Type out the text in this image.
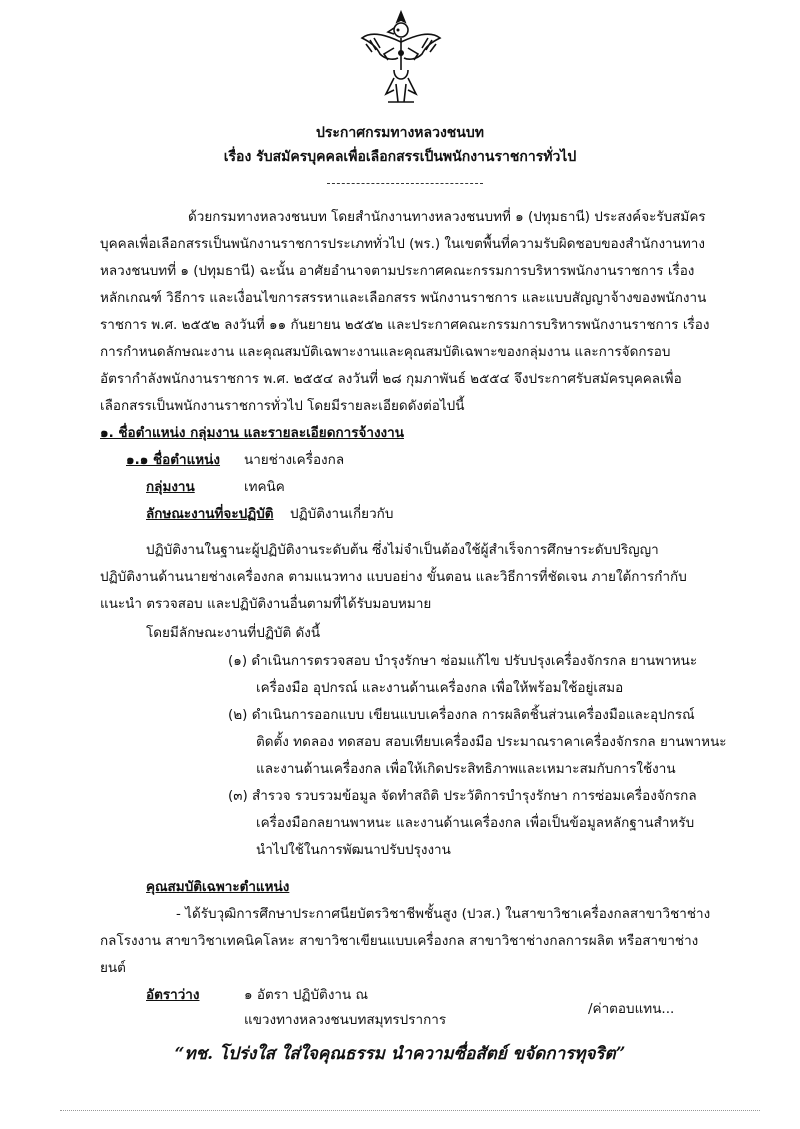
ประกาศกรมทางหลวงชนบท
เรื่อง รับสมัครบุคคลเพื่อเลือกสรรเป็นพนักงานราชการทั่วไป
ด้วยกรมทางหลวงชนบท โดยสำนักงานทางหลวงชนบทที่ ๑ (ปทุมธานี) ประสงค์จะรับสมัคร
บุคคลเพื่อเลือกสรรเป็นพนักงานราชการประเภททั่วไป (พร.) ในเขตพื้นที่ความรับผิดชอบของสำนักงานทาง
หลวงชนบทที่ ๑ (ปทุมธานี) ฉะนั้น อาศัยอำนาจตามประกาศคณะกรรมการบริหารพนักงานราชการ เรื่อง
หลักเกณฑ์ วิธีการ และเงื่อนไขการสรรหาและเลือกสรร พนักงานราชการ และแบบสัญญาจ้างของพนักงาน
ราชการ พ.ศ. ๒๕๕๒ ลงวันที่ ๑๑ กันยายน ๒๕๕๒ และประกาศคณะกรรมการบริหารพนักงานราชการ เรื่อง
การกำหนดลักษณะงาน และคุณสมบัติเฉพาะงานและคุณสมบัติเฉพาะของกลุ่มงาน และการจัดกรอบ
อัตรากำลังพนักงานราชการ พ.ศ. ๒๕๕๔ ลงวันที่ ๒๘ กุมภาพันธ์ ๒๕๕๔ จึงประกาศรับสมัครบุคคลเพื่อ
เลือกสรรเป็นพนักงานราชการทั่วไป โดยมีรายละเอียดดังต่อไปนี้
๑. ชื่อตำแหน่ง กลุ่มงาน และรายละเอียดการจ้างงาน
๑.๑ ชื่อตำแหน่ง นายช่างเครื่องกล
กลุ่มงาน	เทคนิค
ลักษณะงานที่จะปฏิบัติ ปฏิบัติงานเกี่ยวกับ
ปฏิบัติงานในฐานะผู้ปฏิบัติงานระดับต้น ซึ่งไม่จำเป็นต้องใช้ผู้สำเร็จการศึกษาระดับปริญญา
ปฏิบัติงานด้านนายช่างเครื่องกล ตามแนวทาง แบบอย่าง ขั้นตอน และวิธีการที่ชัดเจน ภายใต้การกำกับ
แนะนำ ตรวจสอบ และปฏิบัติงานอื่นตามที่ได้รับมอบหมาย
โดยมีลักษณะงานที่ปฏิบัติ ดังนี้
(๑) ดำเนินการตรวจสอบ บำรุงรักษา ซ่อมแก้ไข ปรับปรุงเครื่องจักรกล ยานพาหนะ
เครื่องมือ อุปกรณ์ และงานด้านเครื่องกล เพื่อให้พร้อมใช้อยู่เสมอ
(๒) ดำเนินการออกแบบ เขียนแบบเครื่องกล การผลิตชิ้นส่วนเครื่องมือและอุปกรณ์
ติดตั้ง ทดลอง ทดสอบ สอบเทียบเครื่องมือ ประมาณราคาเครื่องจักรกล ยานพาหนะ
และงานด้านเครื่องกล เพื่อให้เกิดประสิทธิภาพและเหมาะสมกับการใช้งาน
(๓) สำรวจ รวบรวมข้อมูล จัดทำสถิติ ประวัติการบำรุงรักษา การซ่อมเครื่องจักรกล
เครื่องมือกลยานพาหนะ และงานด้านเครื่องกล เพื่อเป็นข้อมูลหลักฐานสำหรับ
นำไปใช้ในการพัฒนาปรับปรุงงาน
คุณสมบัติเฉพาะตำแหน่ง
- ได้รับวุฒิการศึกษาประกาศนียบัตรวิชาชีพชั้นสูง (ปวส.) ในสาขาวิชาเครื่องกลสาขาวิชาช่าง
กลโรงงาน สาขาวิชาเทคนิคโลหะ สาขาวิชาเขียนแบบเครื่องกล สาขาวิชาช่างกลการผลิต หรือสาขาช่าง
ยนต์
อัตราว่าง	๑ อัตรา ปฏิบัติงาน ณ
แขวงทางหลวงชนบทสมุทรปราการ
/ค่าตอบแทน...
“ทช. โปร่งใส ใส่ใจคุณธรรม นำความซื่อสัตย์ ขจัดการทุจริต”
